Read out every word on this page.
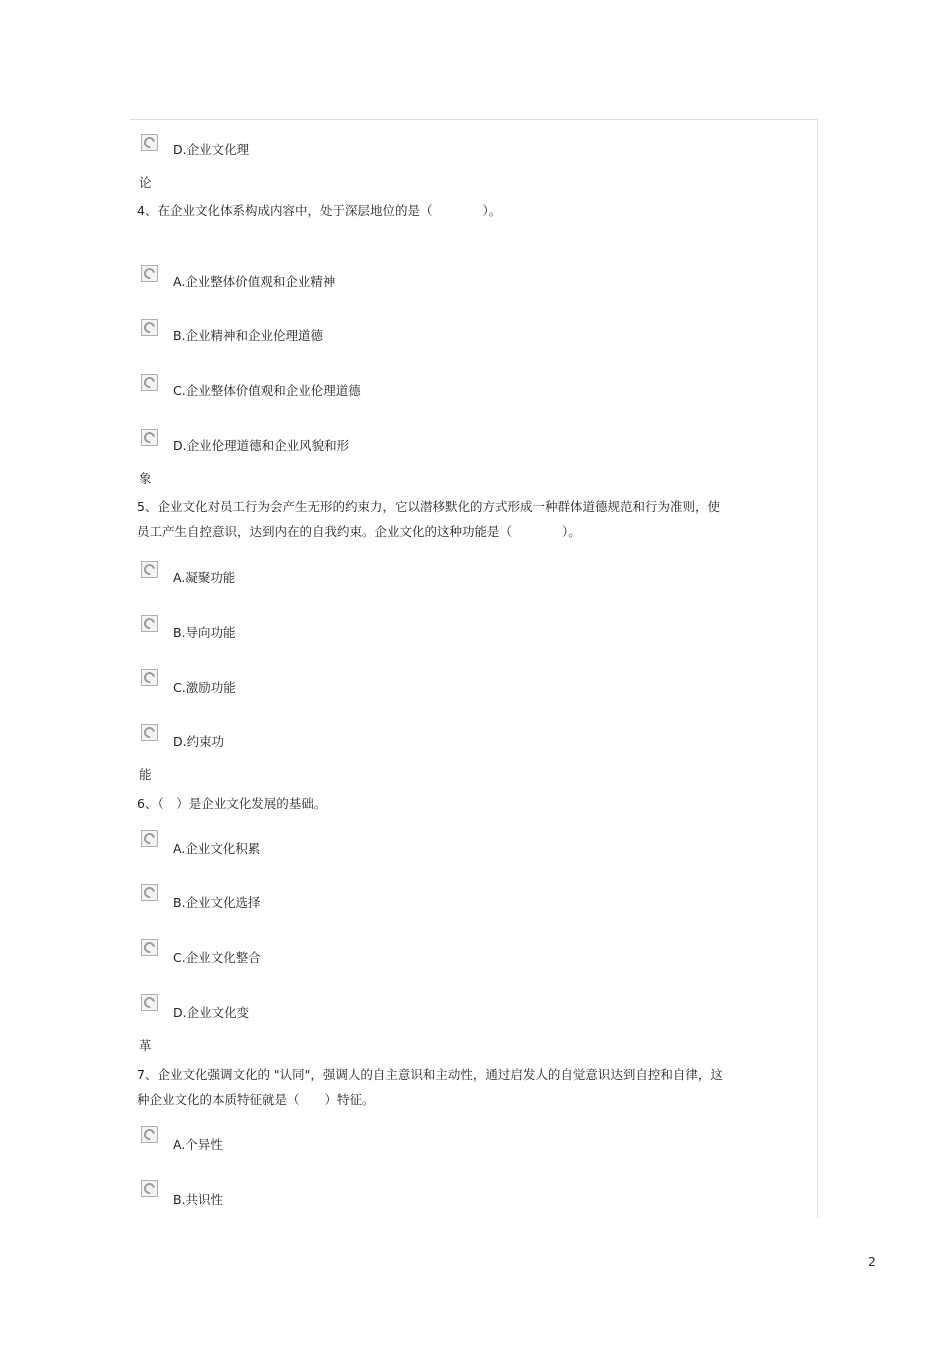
D.企业文化理
论
4、在企业文化体系构成内容中，处于深层地位的是（　　　　）。
A.企业整体价值观和企业精神
B.企业精神和企业伦理道德
C.企业整体价值观和企业伦理道德
D.企业伦理道德和企业风貌和形
象
5、企业文化对员工行为会产生无形的约束力，它以潜移默化的方式形成一种群体道德规范和行为准则，使
员工产生自控意识，达到内在的自我约束。企业文化的这种功能是（　　　　）。
A.凝聚功能
B.导向功能
C.激励功能
D.约束功
能
6、（　）是企业文化发展的基础。
A.企业文化积累
B.企业文化选择
C.企业文化整合
D.企业文化变
革
7、企业文化强调文化的 "认同"，强调人的自主意识和主动性，通过启发人的自觉意识达到自控和自律，这
种企业文化的本质特征就是（　　）特征。
A.个异性
B.共识性
2
